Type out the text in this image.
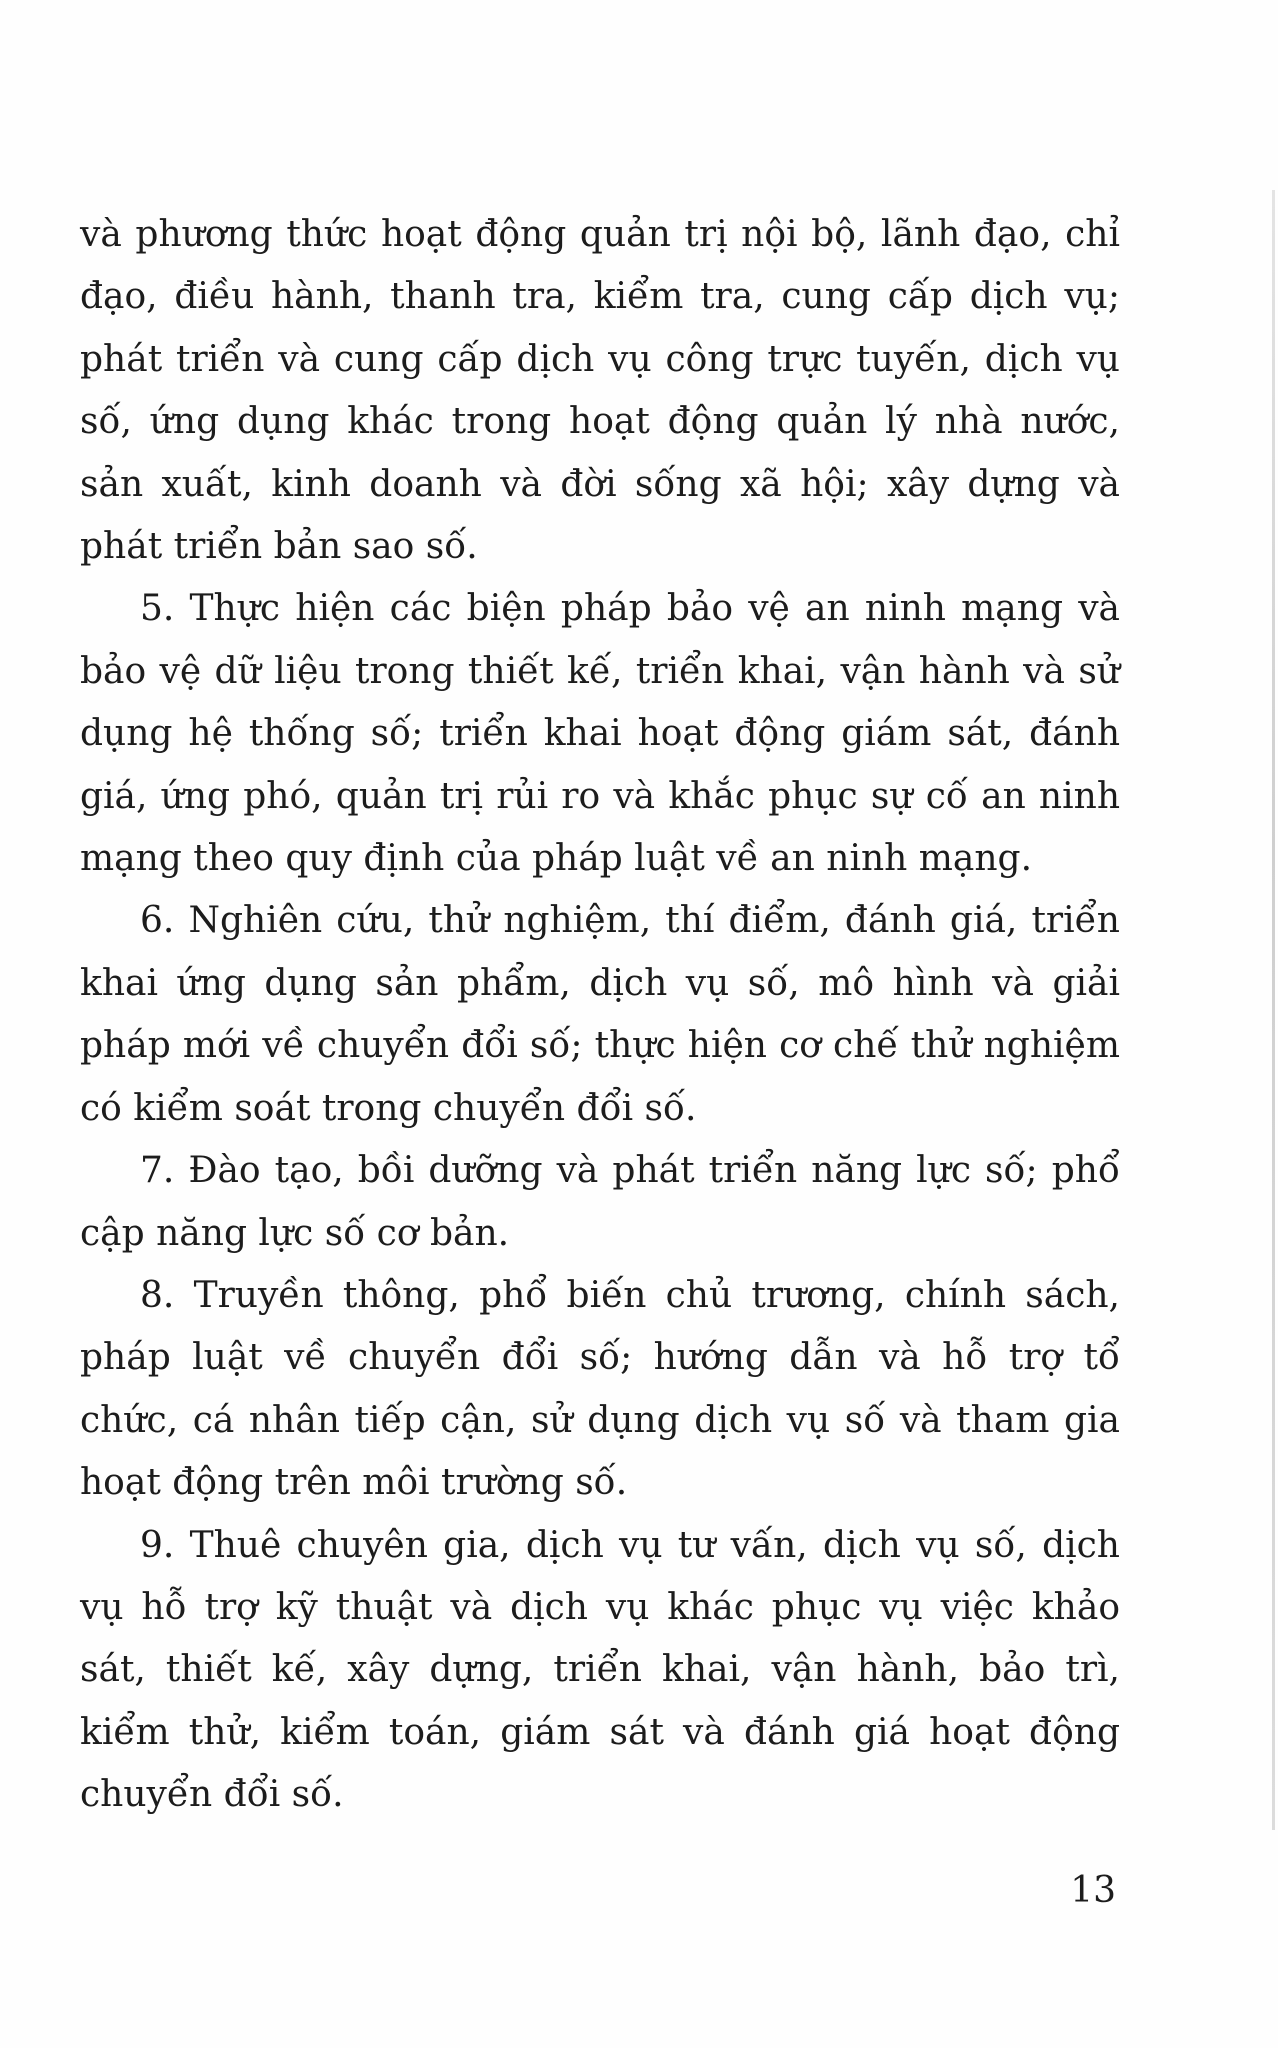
và phương thức hoạt động quản trị nội bộ, lãnh đạo, chỉ đạo, điều hành, thanh tra, kiểm tra, cung cấp dịch vụ; phát triển và cung cấp dịch vụ công trực tuyến, dịch vụ số, ứng dụng khác trong hoạt động quản lý nhà nước, sản xuất, kinh doanh và đời sống xã hội; xây dựng và phát triển bản sao số.

5. Thực hiện các biện pháp bảo vệ an ninh mạng và bảo vệ dữ liệu trong thiết kế, triển khai, vận hành và sử dụng hệ thống số; triển khai hoạt động giám sát, đánh giá, ứng phó, quản trị rủi ro và khắc phục sự cố an ninh mạng theo quy định của pháp luật về an ninh mạng.

6. Nghiên cứu, thử nghiệm, thí điểm, đánh giá, triển khai ứng dụng sản phẩm, dịch vụ số, mô hình và giải pháp mới về chuyển đổi số; thực hiện cơ chế thử nghiệm có kiểm soát trong chuyển đổi số.

7. Đào tạo, bồi dưỡng và phát triển năng lực số; phổ cập năng lực số cơ bản.

8. Truyền thông, phổ biến chủ trương, chính sách, pháp luật về chuyển đổi số; hướng dẫn và hỗ trợ tổ chức, cá nhân tiếp cận, sử dụng dịch vụ số và tham gia hoạt động trên môi trường số.

9. Thuê chuyên gia, dịch vụ tư vấn, dịch vụ số, dịch vụ hỗ trợ kỹ thuật và dịch vụ khác phục vụ việc khảo sát, thiết kế, xây dựng, triển khai, vận hành, bảo trì, kiểm thử, kiểm toán, giám sát và đánh giá hoạt động chuyển đổi số.

13
